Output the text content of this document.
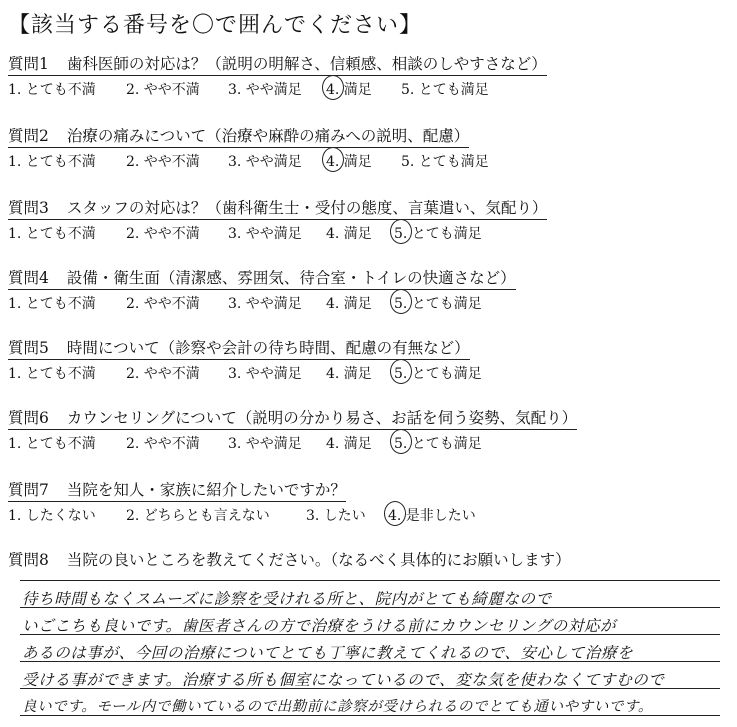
【該当する番号を〇で囲んでください】
質問1 歯科医師の対応は？（説明の明解さ、信頼感、相談のしやすさなど）
1. とても不満	2. やや不満	3. やや満足	4. 満足	5. とても満足
質問2 治療の痛みについて（治療や麻酔の痛みへの説明、配慮）
1. とても不満	2. やや不満	3. やや満足	4. 満足	5. とても満足
質問3 スタッフの対応は？（歯科衛生士・受付の態度、言葉遣い、気配り）
1. とても不満	2. やや不満	3. やや満足	4. 満足	5. とても満足
質問4 設備・衛生面（清潔感、雰囲気、待合室・トイレの快適さなど）
1. とても不満	2. やや不満	3. やや満足	4. 満足	5. とても満足
質問5 時間について（診察や会計の待ち時間、配慮の有無など）
1. とても不満	2. やや不満	3. やや満足	4. 満足	5. とても満足
質問6 カウンセリングについて（説明の分かり易さ、お話を伺う姿勢、気配り）
1. とても不満	2. やや不満	3. やや満足	4. 満足	5. とても満足
質問7 当院を知人・家族に紹介したいですか？
1. したくない	2. どちらとも言えない	3. したい	4. 是非したい
質問8 当院の良いところを教えてください。（なるべく具体的にお願いします）
待ち時間もなくスムーズに診察を受けれる所と、院内がとても綺麗なので
いごこちも良いです。歯医者さんの方で治療をうける前にカウンセリングの対応が
あるのは事が、今回の治療についてとても丁寧に教えてくれるので、安心して治療を
受ける事ができます。治療する所も個室になっているので、変な気を使わなくてすむので
良いです。モール内で働いているので出勤前に診察が受けられるのでとても通いやすいです。
